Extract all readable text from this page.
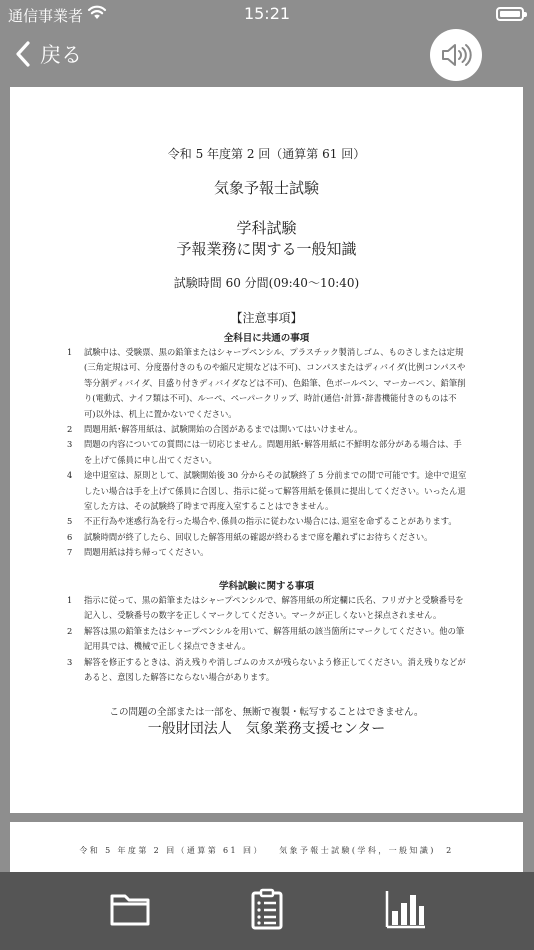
通信事業者	15:21
戻る
令和 5 年度第 2 回（通算第 61 回）
気象予報士試験
学科試験
予報業務に関する一般知識
試験時間 60 分間(09:40～10:40)
【注意事項】
全科目に共通の事項
1 試験中は、受験票、黒の鉛筆またはシャープペンシル、プラスチック製消しゴム、ものさしまたは定規(三角定規は可、分度器付きのものや縮尺定規などは不可)、コンパスまたはディバイダ(比例コンパスや等分割ディバイダ、目盛り付きディバイダなどは不可)、色鉛筆、色ボールペン、マーカーペン、鉛筆削り(電動式、ナイフ類は不可)、ルーペ、ペーパークリップ、時計(通信･計算･辞書機能付きのものは不可)以外は、机上に置かないでください。
2 問題用紙･解答用紙は、試験開始の合図があるまでは開いてはいけません。
3 問題の内容についての質問には一切応じません。問題用紙･解答用紙に不鮮明な部分がある場合は、手を上げて係員に申し出てください。
4 途中退室は、原則として、試験開始後 30 分からその試験終了 5 分前までの間で可能です。途中で退室したい場合は手を上げて係員に合図し、指示に従って解答用紙を係員に提出してください。いったん退室した方は、その試験終了時まで再度入室することはできません。
5 不正行為や迷惑行為を行った場合や､係員の指示に従わない場合には､退室を命ずることがあります。
6 試験時間が終了したら、回収した解答用紙の確認が終わるまで席を離れずにお待ちください。
7 問題用紙は持ち帰ってください。
学科試験に関する事項
1 指示に従って、黒の鉛筆またはシャープペンシルで、解答用紙の所定欄に氏名、フリガナと受験番号を記入し、受験番号の数字を正しくマークしてください。マークが正しくないと採点されません。
2 解答は黒の鉛筆またはシャープペンシルを用いて、解答用紙の該当箇所にマークしてください。他の筆記用具では、機械で正しく採点できません。
3 解答を修正するときは、消え残りや消しゴムのカスが残らないよう修正してください。消え残りなどがあると、意図した解答にならない場合があります。
この問題の全部または一部を、無断で複製・転写することはできません。
一般財団法人　気象業務支援センター
令和 5 年度第 2 回（通算第 61 回） 　気象予報士試験(学科，一般知識)　2
